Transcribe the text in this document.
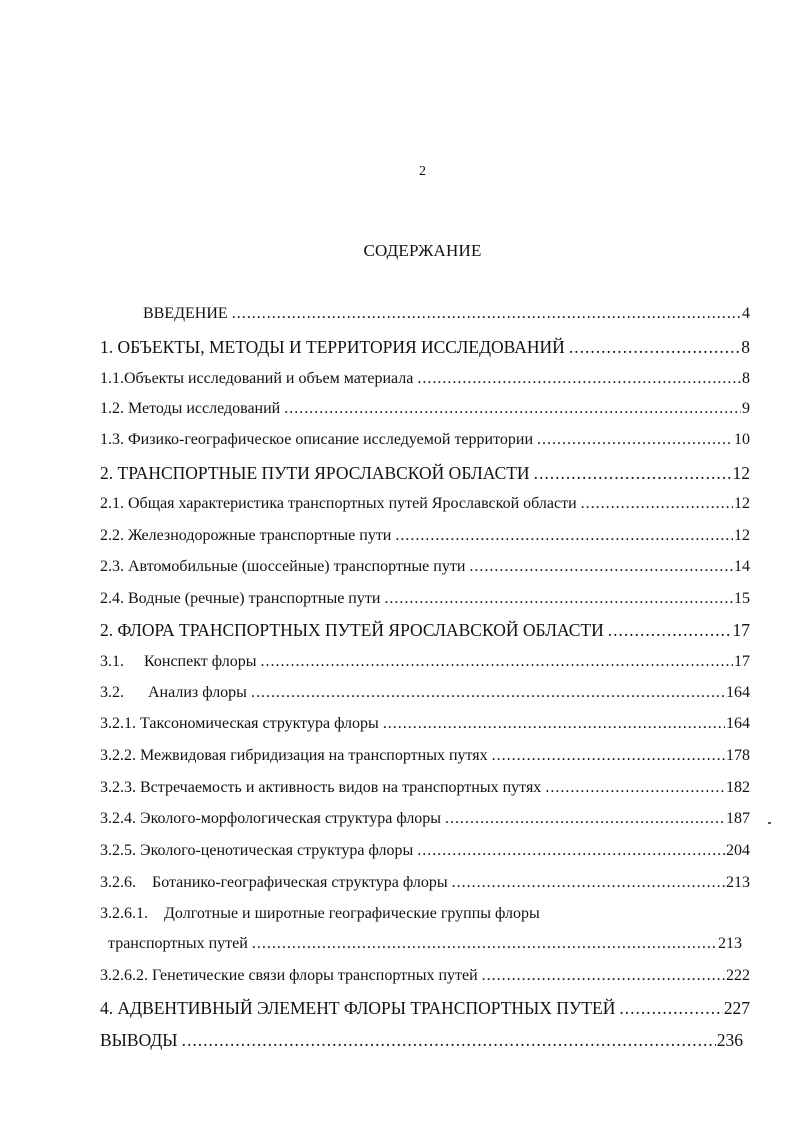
2
СОДЕРЖАНИЕ
ВВЕДЕНИЕ .....	4
1. ОБЪЕКТЫ, МЕТОДЫ И ТЕРРИТОРИЯ ИССЛЕДОВАНИЙ .....	8
1.1.Объекты исследований и объем материала .....	8
1.2. Методы исследований .....	9
1.3. Физико-географическое описание исследуемой территории .....	10
2. ТРАНСПОРТНЫЕ ПУТИ ЯРОСЛАВСКОЙ ОБЛАСТИ .....	12
2.1. Общая характеристика транспортных путей Ярославской области .....	12
2.2. Железнодорожные транспортные пути .....	12
2.3. Автомобильные (шоссейные) транспортные пути .....	14
2.4. Водные (речные) транспортные пути .....	15
2. ФЛОРА ТРАНСПОРТНЫХ ПУТЕЙ ЯРОСЛАВСКОЙ ОБЛАСТИ .....	17
3.1.     Конспект флоры .....	17
3.2.      Анализ флоры .....	164
3.2.1. Таксономическая структура флоры .....	164
3.2.2. Межвидовая гибридизация на транспортных путях .....	178
3.2.3. Встречаемость и активность видов на транспортных путях .....	182
3.2.4. Эколого-морфологическая структура флоры .....	187
3.2.5. Эколого-ценотическая структура флоры .....	204
3.2.6.    Ботанико-географическая структура флоры .....	213
3.2.6.1.    Долготные и широтные географические группы флоры
транспортных путей .....	213
3.2.6.2. Генетические связи флоры транспортных путей .....	222
4. АДВЕНТИВНЫЙ ЭЛЕМЕНТ ФЛОРЫ ТРАНСПОРТНЫХ ПУТЕЙ .....	227
ВЫВОДЫ .....	236
